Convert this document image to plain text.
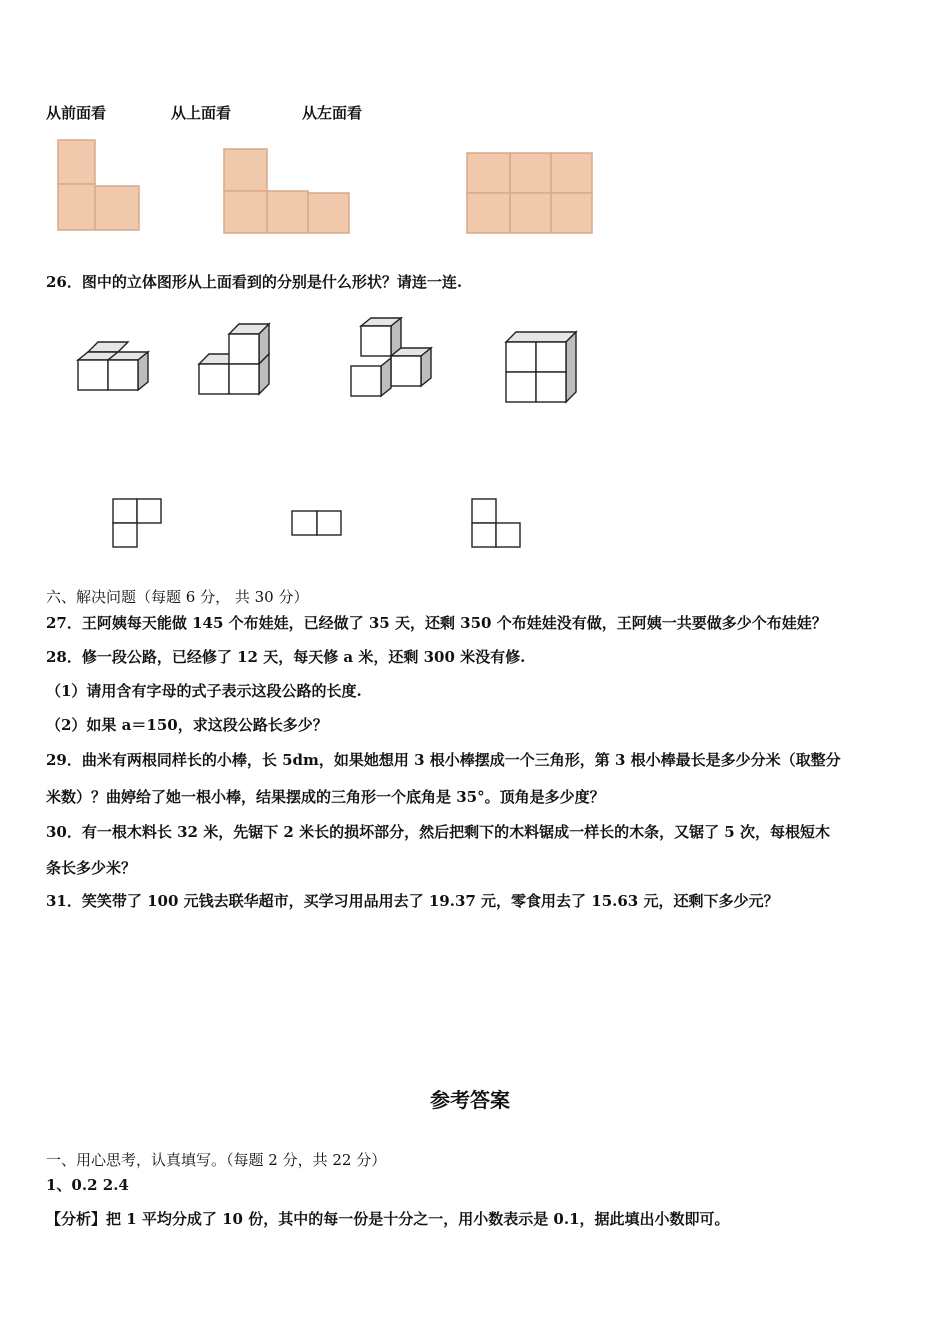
从前面看	从上面看	从左面看
26．图中的立体图形从上面看到的分别是什么形状？请连一连.
六、解决问题（每题 6 分， 共 30 分）
27．王阿姨每天能做 145 个布娃娃，已经做了 35 天，还剩 350 个布娃娃没有做，王阿姨一共要做多少个布娃娃？
28．修一段公路，已经修了 12 天，每天修 a 米，还剩 300 米没有修.
（1）请用含有字母的式子表示这段公路的长度.
（2）如果 a＝150，求这段公路长多少？
29．曲米有两根同样长的小棒，长 5dm，如果她想用 3 根小棒摆成一个三角形，第 3 根小棒最长是多少分米（取整分
米数）？曲婷给了她一根小棒，结果摆成的三角形一个底角是 35°。顶角是多少度？
30．有一根木料长 32 米，先锯下 2 米长的损坏部分，然后把剩下的木料锯成一样长的木条，又锯了 5 次，每根短木
条长多少米？
31．笑笑带了 100 元钱去联华超市，买学习用品用去了 19.37 元，零食用去了 15.63 元，还剩下多少元？
参考答案
一、用心思考，认真填写。（每题 2 分，共 22 分）
1、0.2 2.4
【分析】把 1 平均分成了 10 份，其中的每一份是十分之一，用小数表示是 0.1，据此填出小数即可。
